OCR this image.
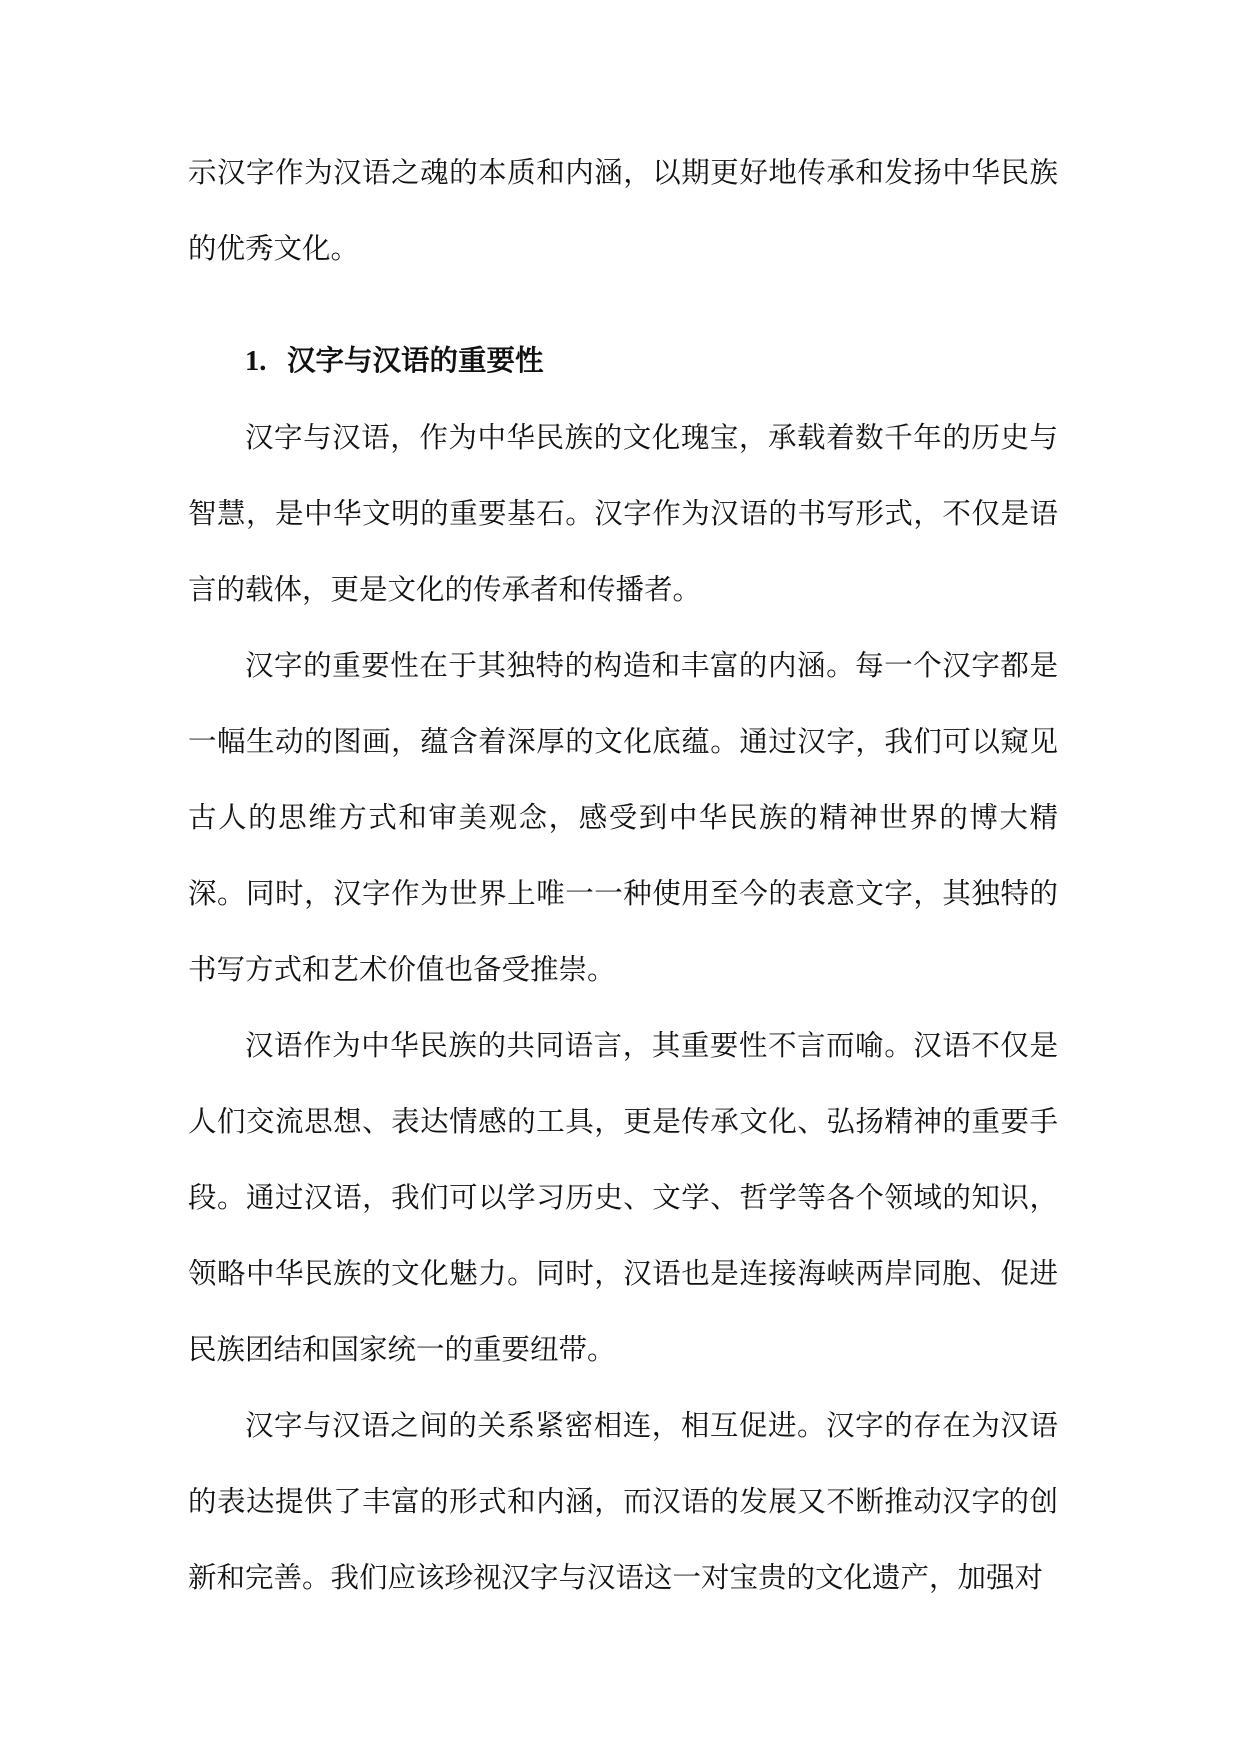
示汉字作为汉语之魂的本质和内涵，以期更好地传承和发扬中华民族的优秀文化。

1. 汉字与汉语的重要性

汉字与汉语，作为中华民族的文化瑰宝，承载着数千年的历史与智慧，是中华文明的重要基石。汉字作为汉语的书写形式，不仅是语言的载体，更是文化的传承者和传播者。

汉字的重要性在于其独特的构造和丰富的内涵。每一个汉字都是一幅生动的图画，蕴含着深厚的文化底蕴。通过汉字，我们可以窥见古人的思维方式和审美观念，感受到中华民族的精神世界的博大精深。同时，汉字作为世界上唯一一种使用至今的表意文字，其独特的书写方式和艺术价值也备受推崇。

汉语作为中华民族的共同语言，其重要性不言而喻。汉语不仅是人们交流思想、表达情感的工具，更是传承文化、弘扬精神的重要手段。通过汉语，我们可以学习历史、文学、哲学等各个领域的知识，领略中华民族的文化魅力。同时，汉语也是连接海峡两岸同胞、促进民族团结和国家统一的重要纽带。

汉字与汉语之间的关系紧密相连，相互促进。汉字的存在为汉语的表达提供了丰富的形式和内涵，而汉语的发展又不断推动汉字的创新和完善。我们应该珍视汉字与汉语这一对宝贵的文化遗产，加强对
